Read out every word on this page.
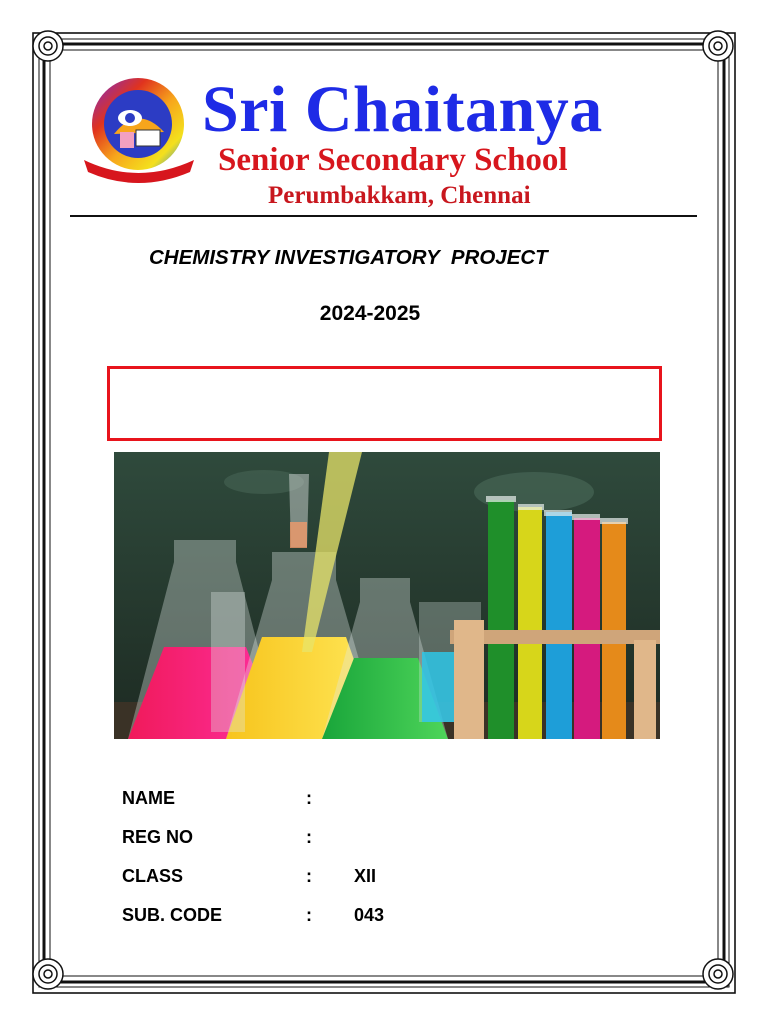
Sri Chaitanya
Senior Secondary School
Perumbakkam, Chennai
CHEMISTRY INVESTIGATORY  PROJECT
2024-2025
NAME	:
REG NO	:
CLASS	: XII
SUB. CODE	: 043
